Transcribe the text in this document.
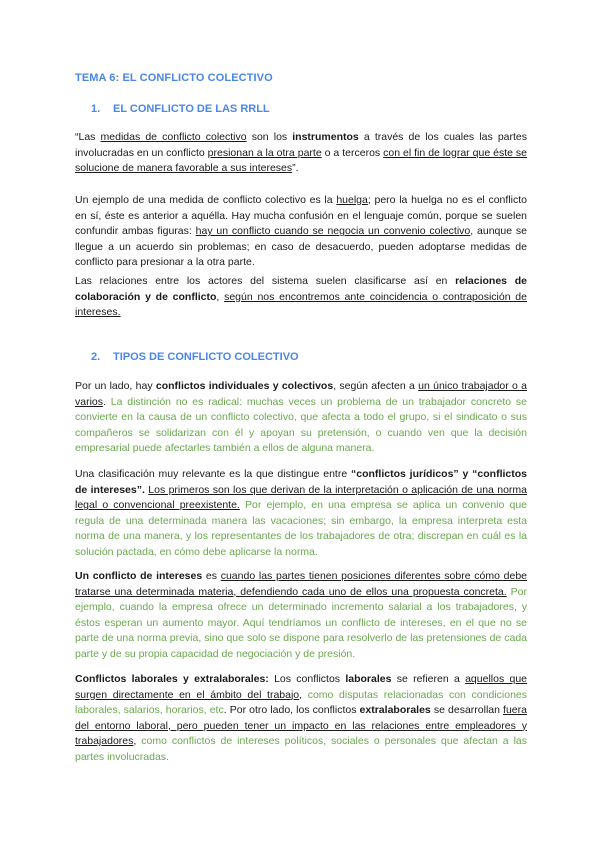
TEMA 6: EL CONFLICTO COLECTIVO
1. EL CONFLICTO DE LAS RRLL
“Las medidas de conflicto colectivo son los instrumentos a través de los cuales las partes involucradas en un conflicto presionan a la otra parte o a terceros con el fin de lograr que éste se solucione de manera favorable a sus intereses”.
Un ejemplo de una medida de conflicto colectivo es la huelga; pero la huelga no es el conflicto en sí, éste es anterior a aquélla. Hay mucha confusión en el lenguaje común, porque se suelen confundir ambas figuras: hay un conflicto cuando se negocia un convenio colectivo, aunque se llegue a un acuerdo sin problemas; en caso de desacuerdo, pueden adoptarse medidas de conflicto para presionar a la otra parte.
Las relaciones entre los actores del sistema suelen clasificarse así en relaciones de colaboración y de conflicto, según nos encontremos ante coincidencia o contraposición de intereses.
2. TIPOS DE CONFLICTO COLECTIVO
Por un lado, hay conflictos individuales y colectivos, según afecten a un único trabajador o a varios. La distinción no es radical: muchas veces un problema de un trabajador concreto se convierte en la causa de un conflicto colectivo, que afecta a todo el grupo, si el sindicato o sus compañeros se solidarizan con él y apoyan su pretensión, o cuando ven que la decisión empresarial puede afectarles también a ellos de alguna manera.
Una clasificación muy relevante es la que distingue entre “conflictos jurídicos” y “conflictos de intereses”. Los primeros son los que derivan de la interpretación o aplicación de una norma legal o convencional preexistente. Por ejemplo, en una empresa se aplica un convenio que regula de una determinada manera las vacaciones; sin embargo, la empresa interpreta esta norma de una manera, y los representantes de los trabajadores de otra; discrepan en cuál es la solución pactada, en cómo debe aplicarse la norma.
Un conflicto de intereses es cuando las partes tienen posiciones diferentes sobre cómo debe tratarse una determinada materia, defendiendo cada uno de ellos una propuesta concreta. Por ejemplo, cuando la empresa ofrece un determinado incremento salarial a los trabajadores, y éstos esperan un aumento mayor. Aquí tendríamos un conflicto de intereses, en el que no se parte de una norma previa, sino que solo se dispone para resolverlo de las pretensiones de cada parte y de su propia capacidad de negociación y de presión.
Conflictos laborales y extralaborales: Los conflictos laborales se refieren a aquellos que surgen directamente en el ámbito del trabajo, como disputas relacionadas con condiciones laborales, salarios, horarios, etc. Por otro lado, los conflictos extralaborales se desarrollan fuera del entorno laboral, pero pueden tener un impacto en las relaciones entre empleadores y trabajadores, como conflictos de intereses políticos, sociales o personales que afectan a las partes involucradas.
